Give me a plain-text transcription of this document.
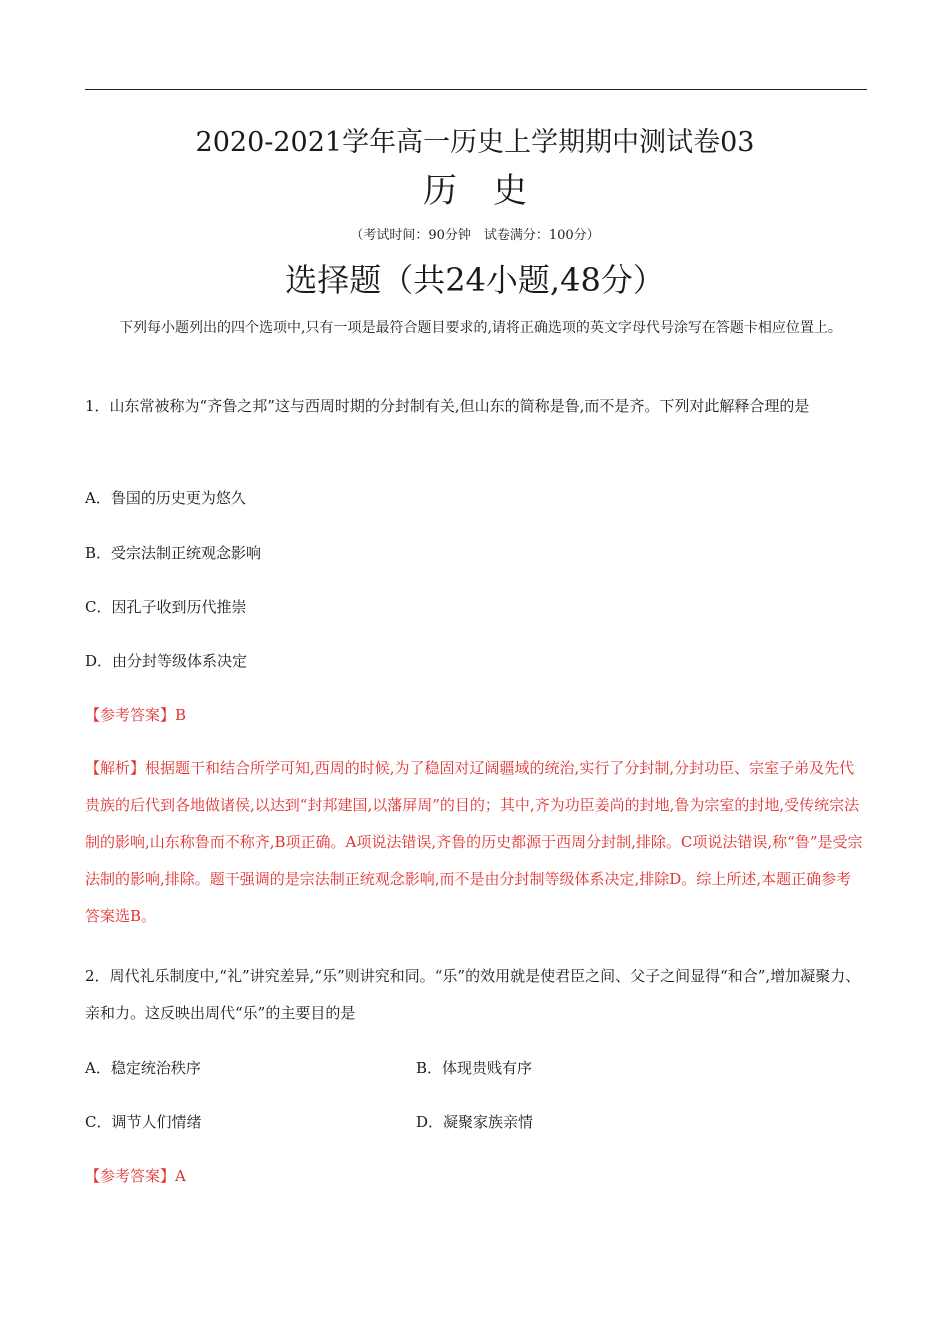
2020-2021学年高一历史上学期期中测试卷03
历史
（考试时间：90分钟　试卷满分：100分）
选择题（共24小题,48分）
下列每小题列出的四个选项中,只有一项是最符合题目要求的,请将正确选项的英文字母代号涂写在答题卡相应位置上。
1．山东常被称为“齐鲁之邦”这与西周时期的分封制有关,但山东的简称是鲁,而不是齐。下列对此解释合理的是
A．鲁国的历史更为悠久
B．受宗法制正统观念影响
C．因孔子收到历代推崇
D．由分封等级体系决定
【参考答案】B
【解析】根据题干和结合所学可知,西周的时候,为了稳固对辽阔疆域的统治,实行了分封制,分封功臣、宗室子弟及先代贵族的后代到各地做诸侯,以达到“封邦建国,以藩屏周”的目的；其中,齐为功臣姜尚的封地,鲁为宗室的封地,受传统宗法制的影响,山东称鲁而不称齐,B项正确。A项说法错误,齐鲁的历史都源于西周分封制,排除。C项说法错误,称“鲁”是受宗法制的影响,排除。题干强调的是宗法制正统观念影响,而不是由分封制等级体系决定,排除D。综上所述,本题正确参考答案选B。
2．周代礼乐制度中,“礼”讲究差异,“乐”则讲究和同。“乐”的效用就是使君臣之间、父子之间显得“和合”,增加凝聚力、亲和力。这反映出周代“乐”的主要目的是
A．稳定统治秩序	B．体现贵贱有序
C．调节人们情绪	D．凝聚家族亲情
【参考答案】A
